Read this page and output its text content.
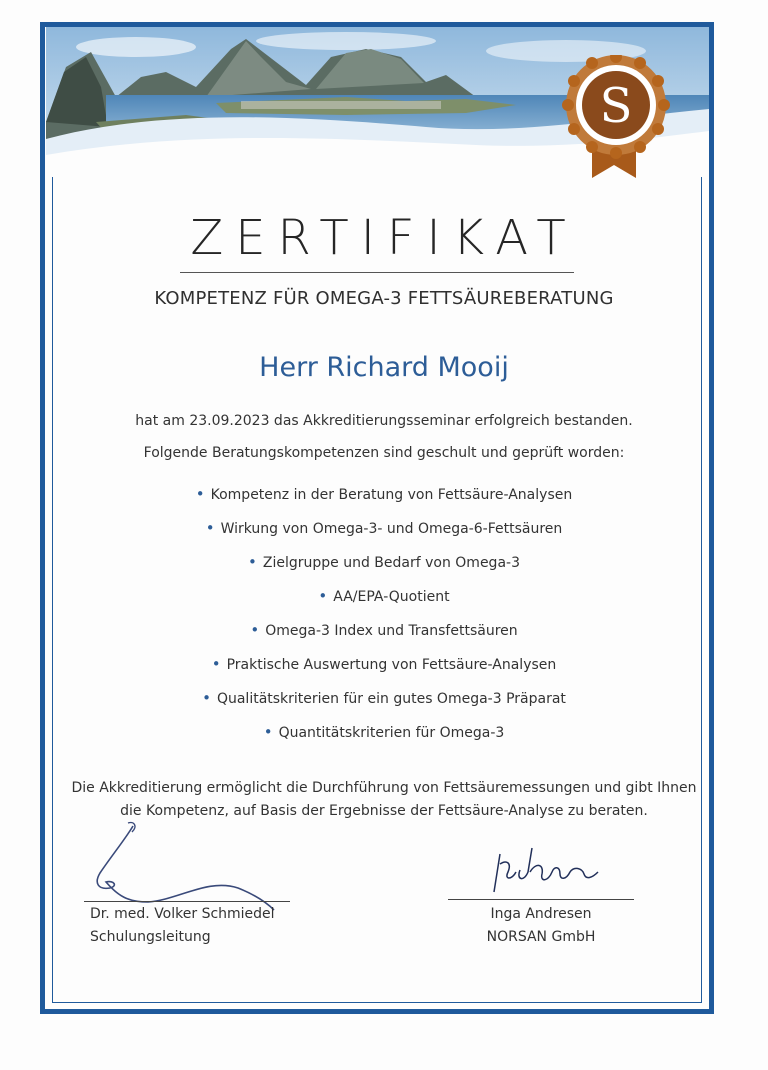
S
ZERTIFIKAT
KOMPETENZ FÜR OMEGA-3 FETTSÄUREBERATUNG
Herr Richard Mooij
hat am 23.09.2023 das Akkreditierungsseminar erfolgreich bestanden.
Folgende Beratungskompetenzen sind geschult und geprüft worden:
• Kompetenz in der Beratung von Fettsäure-Analysen
• Wirkung von Omega-3- und Omega-6-Fettsäuren
• Zielgruppe und Bedarf von Omega-3
• AA/EPA-Quotient
• Omega-3 Index und Transfettsäuren
• Praktische Auswertung von Fettsäure-Analysen
• Qualitätskriterien für ein gutes Omega-3 Präparat
• Quantitätskriterien für Omega-3
Die Akkreditierung ermöglicht die Durchführung von Fettsäuremessungen und gibt Ihnen
die Kompetenz, auf Basis der Ergebnisse der Fettsäure-Analyse zu beraten.
Dr. med. Volker Schmiedel
Schulungsleitung
Inga Andresen
NORSAN GmbH
